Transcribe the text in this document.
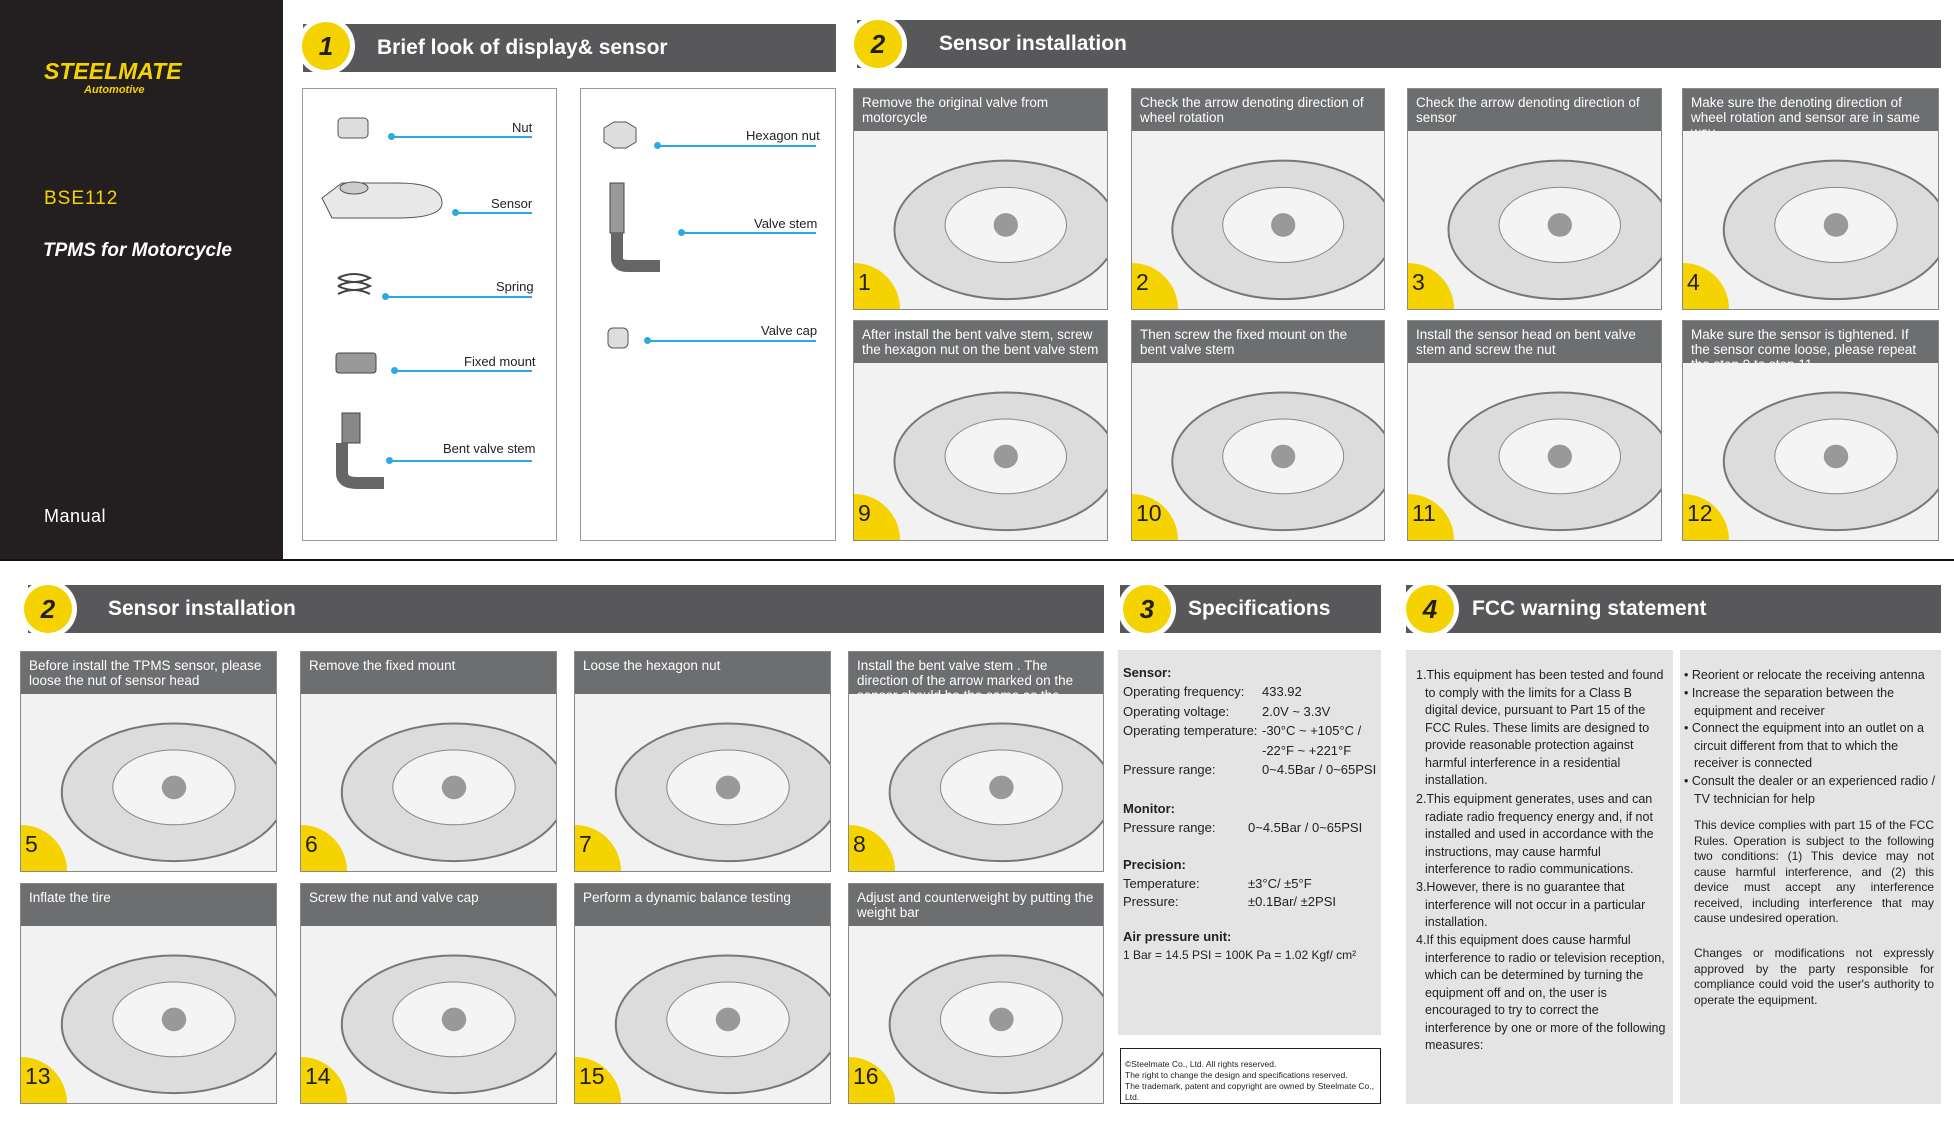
STEELMATE
Automotive
BSE112
TPMS for Motorcycle
Manual
Brief look of display& sensor
1
Nut
Sensor
Spring
Fixed mount
Bent valve stem
Hexagon nut
Valve stem
Valve cap
Sensor installation
2
Remove the original valve from motorcycle
1
Check the arrow denoting direction of wheel rotation
2
Check the arrow denoting direction of sensor
3
Make sure the denoting direction of wheel rotation and sensor are in same
4
After install the bent valve stem, screw the hexagon nut on the bent valve stem
9
Then screw the fixed mount on the bent valve stem
10
Install the sensor head on bent valve stem and screw the nut
11
Make sure the sensor is tightened. If the sensor come loose, please repeat
12
Sensor installation
2
Before install the TPMS sensor, please loose the nut of sensor head
5
Remove the fixed mount
6
Loose the hexagon nut
7
Install the bent valve stem . The direction of the arrow marked on the
8
Inflate the tire
13
Screw the nut and valve cap
14
Perform a dynamic balance testing
15
Adjust and counterweight by putting the weight bar
16
Specifications
3
Sensor:
Operating frequency: 433.92
Operating voltage:	2.0V ~ 3.3V
Operating temperature: -30°C ~ +105°C /
-22°F ~ +221°F
Pressure range:	0~4.5Bar / 0~65PSI
Monitor:
Pressure range:	0~4.5Bar / 0~65PSI
Precision:
Temperature:	±3°C/ ±5°F
Pressure:	±0.1Bar/ ±2PSI
Air pressure unit:
1 Bar = 14.5 PSI = 100K Pa = 1.02 Kgf/ cm²
©Steelmate Co., Ltd. All rights reserved.
The right to change the design and specifications reserved.
The trademark, patent and copyright are owned by Steelmate Co., Ltd.
FCC warning statement
4
1.This equipment has been tested and found to comply with the limits for a Class B digital device, pursuant to Part 15 of the FCC Rules. These limits are designed to provide reasonable protection against harmful interference in a residential installation.
2.This equipment generates, uses and can radiate radio frequency energy and, if not installed and used in accordance with the instructions, may cause harmful interference to radio communications.
3.However, there is no guarantee that interference will not occur in a particular installation.
4.If this equipment does cause harmful interference to radio or television reception, which can be determined by turning the equipment off and on, the user is encouraged to try to correct the interference by one or more of the following measures:
• Reorient or relocate the receiving antenna
• Increase the separation between the equipment and receiver
• Connect the equipment into an outlet on a circuit different from that to which the receiver is connected
• Consult the dealer or an experienced radio / TV technician for help
This device complies with part 15 of the FCC Rules. Operation is subject to the following two conditions: (1) This device may not cause harmful interference, and (2) this device must accept any interference received, including interference that may cause undesired operation.
Changes or modifications not expressly approved by the party responsible for compliance could void the user's authority to operate the equipment.
